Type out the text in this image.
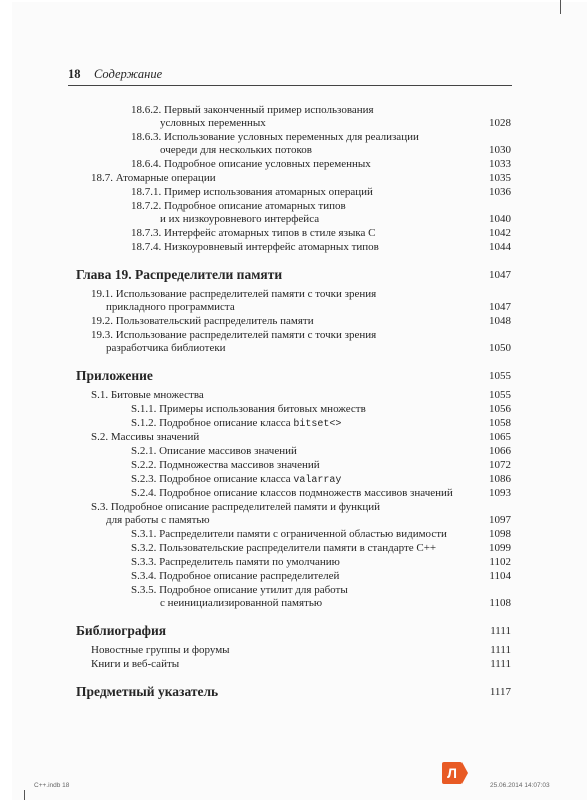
18 Содержание
18.6.2. Первый законченный пример использования
условных переменных	1028
18.6.3. Использование условных переменных для реализации
очереди для нескольких потоков	1030
18.6.4. Подробное описание условных переменных	1033
18.7. Атомарные операции	1035
18.7.1. Пример использования атомарных операций	1036
18.7.2. Подробное описание атомарных типов
и их низкоуровневого интерфейса	1040
18.7.3. Интерфейс атомарных типов в стиле языка C	1042
18.7.4. Низкоуровневый интерфейс атомарных типов	1044
Глава 19. Распределители памяти	1047
19.1. Использование распределителей памяти с точки зрения
прикладного программиста	1047
19.2. Пользовательский распределитель памяти	1048
19.3. Использование распределителей памяти с точки зрения
разработчика библиотеки	1050
Приложение	1055
S.1. Битовые множества	1055
S.1.1. Примеры использования битовых множеств	1056
S.1.2. Подробное описание класса bitset<>	1058
S.2. Массивы значений	1065
S.2.1. Описание массивов значений	1066
S.2.2. Подмножества массивов значений	1072
S.2.3. Подробное описание класса valarray	1086
S.2.4. Подробное описание классов подмножеств массивов значений	1093
S.3. Подробное описание распределителей памяти и функций
для работы с памятью	1097
S.3.1. Распределители памяти с ограниченной областью видимости	1098
S.3.2. Пользовательские распределители памяти в стандарте C++	1099
S.3.3. Распределитель памяти по умолчанию	1102
S.3.4. Подробное описание распределителей	1104
S.3.5. Подробное описание утилит для работы
с неинициализированной памятью	1108
Библиография	1111
Новостные группы и форумы	1111
Книги и веб-сайты	1111
Предметный указатель	1117
C++.indb 18	25.06.2014 14:07:03
Л
